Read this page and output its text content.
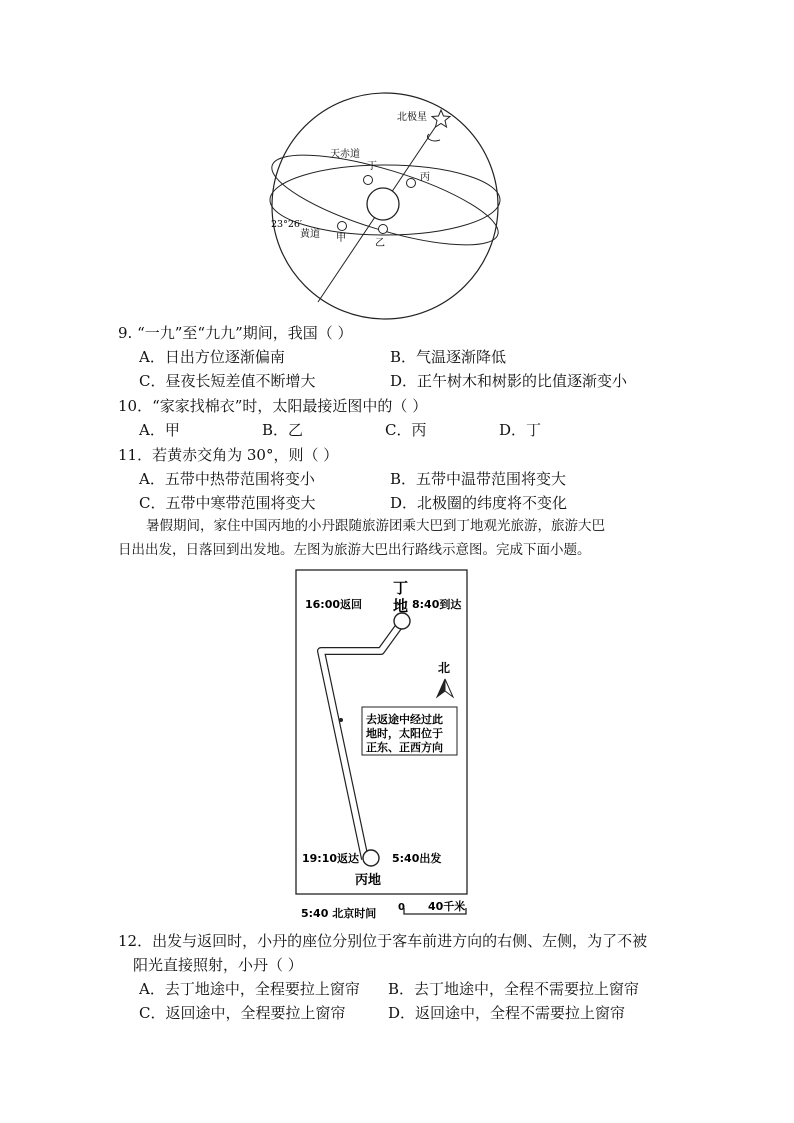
北极星
天赤道
丁
丙
23°26′
黄道 甲	乙
9. “一九”至“九九”期间，我国（ ）
A．日出方位逐渐偏南	B．气温逐渐降低
C．昼夜长短差值不断增大	D．正午树木和树影的比值逐渐变小
10．“家家找棉衣”时，太阳最接近图中的（ ）
A．甲	B．乙	C．丙	D．丁
11．若黄赤交角为 30°，则（ ）
A．五带中热带范围将变小	B．五带中温带范围将变大
C．五带中寒带范围将变大	D．北极圈的纬度将不变化
暑假期间，家住中国丙地的小丹跟随旅游团乘大巴到丁地观光旅游，旅游大巴
日出出发，日落回到出发地。左图为旅游大巴出行路线示意图。完成下面小题。
丁
地
16:00返回	8:40到达
北
去返途中经过此
地时，太阳位于
正东、正西方向
19:10返达	5:40出发
丙地
5:40 北京时间 0 40千米
12．出发与返回时，小丹的座位分别位于客车前进方向的右侧、左侧，为了不被
阳光直接照射，小丹（ ）
A．去丁地途中，全程要拉上窗帘 B．去丁地途中，全程不需要拉上窗帘
C．返回途中，全程要拉上窗帘	D．返回途中，全程不需要拉上窗帘
